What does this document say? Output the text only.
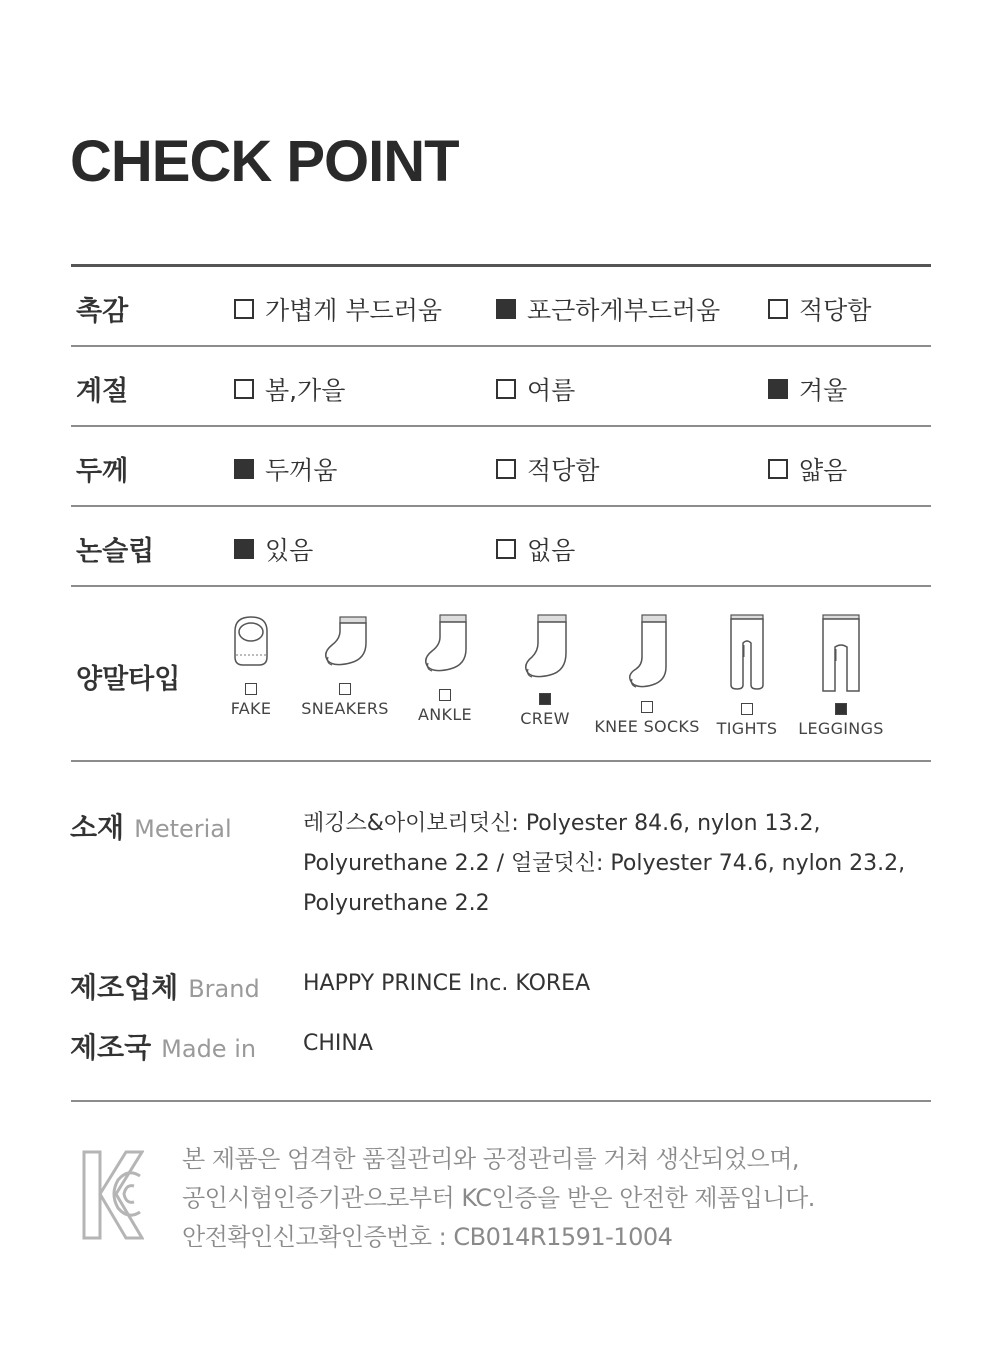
CHECK POINT
촉감	가볍게 부드러움	포근하게부드러움	적당함
계절	봄,가을	여름	겨울
두께	두꺼움	적당함	얇음
논슬립	있음	없음
양말타입
FAKE	SNEAKERS	ANKLE	CREW	KNEE SOCKS	TIGHTS	LEGGINGS
소재 Meterial	레깅스&아이보리덧신: Polyester 84.6, nylon 13.2,
Polyurethane 2.2 / 얼굴덧신: Polyester 74.6, nylon 23.2,
Polyurethane 2.2
제조업체 Brand HAPPY PRINCE Inc. KOREA
제조국 Made in CHINA
본 제품은 엄격한 품질관리와 공정관리를 거쳐 생산되었으며,
공인시험인증기관으로부터 KC인증을 받은 안전한 제품입니다.
안전확인신고확인증번호 : CB014R1591-1004
